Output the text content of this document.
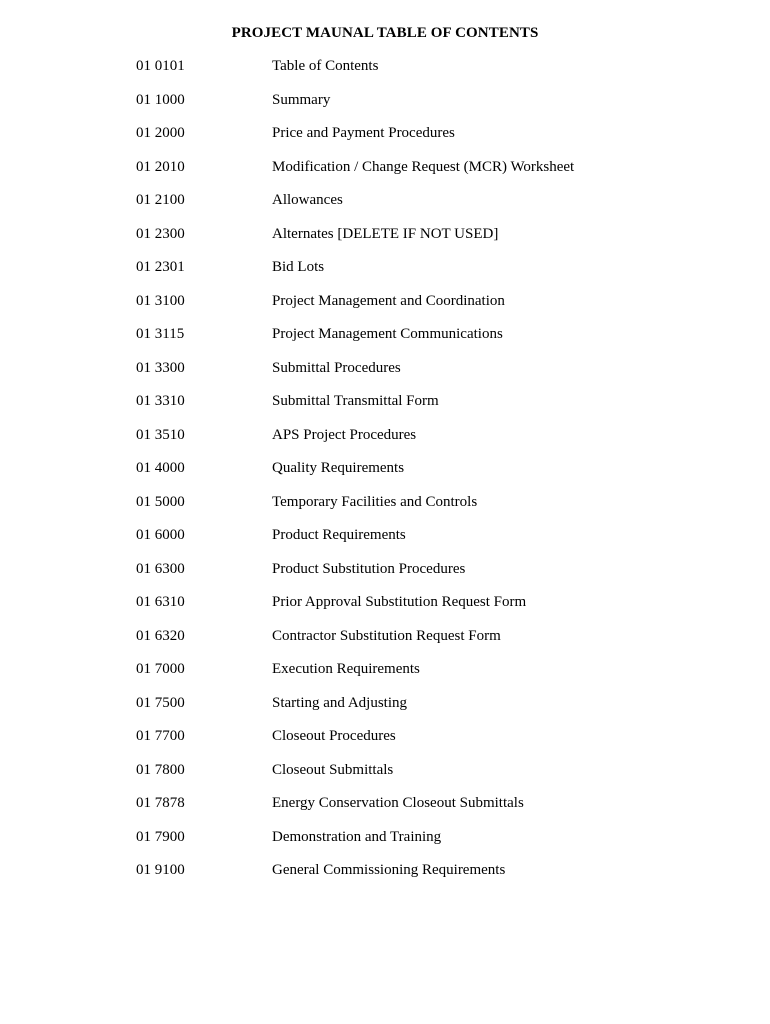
PROJECT MAUNAL TABLE OF CONTENTS
01 0101	Table of Contents
01 1000	Summary
01 2000	Price and Payment Procedures
01 2010	Modification / Change Request (MCR) Worksheet
01 2100	Allowances
01 2300	Alternates [DELETE IF NOT USED]
01 2301	Bid Lots
01 3100	Project Management and Coordination
01 3115	Project Management Communications
01 3300	Submittal Procedures
01 3310	Submittal Transmittal Form
01 3510	APS Project Procedures
01 4000	Quality Requirements
01 5000	Temporary Facilities and Controls
01 6000	Product Requirements
01 6300	Product Substitution Procedures
01 6310	Prior Approval Substitution Request Form
01 6320	Contractor Substitution Request Form
01 7000	Execution Requirements
01 7500	Starting and Adjusting
01 7700	Closeout Procedures
01 7800	Closeout Submittals
01 7878	Energy Conservation Closeout Submittals
01 7900	Demonstration and Training
01 9100	General Commissioning Requirements
